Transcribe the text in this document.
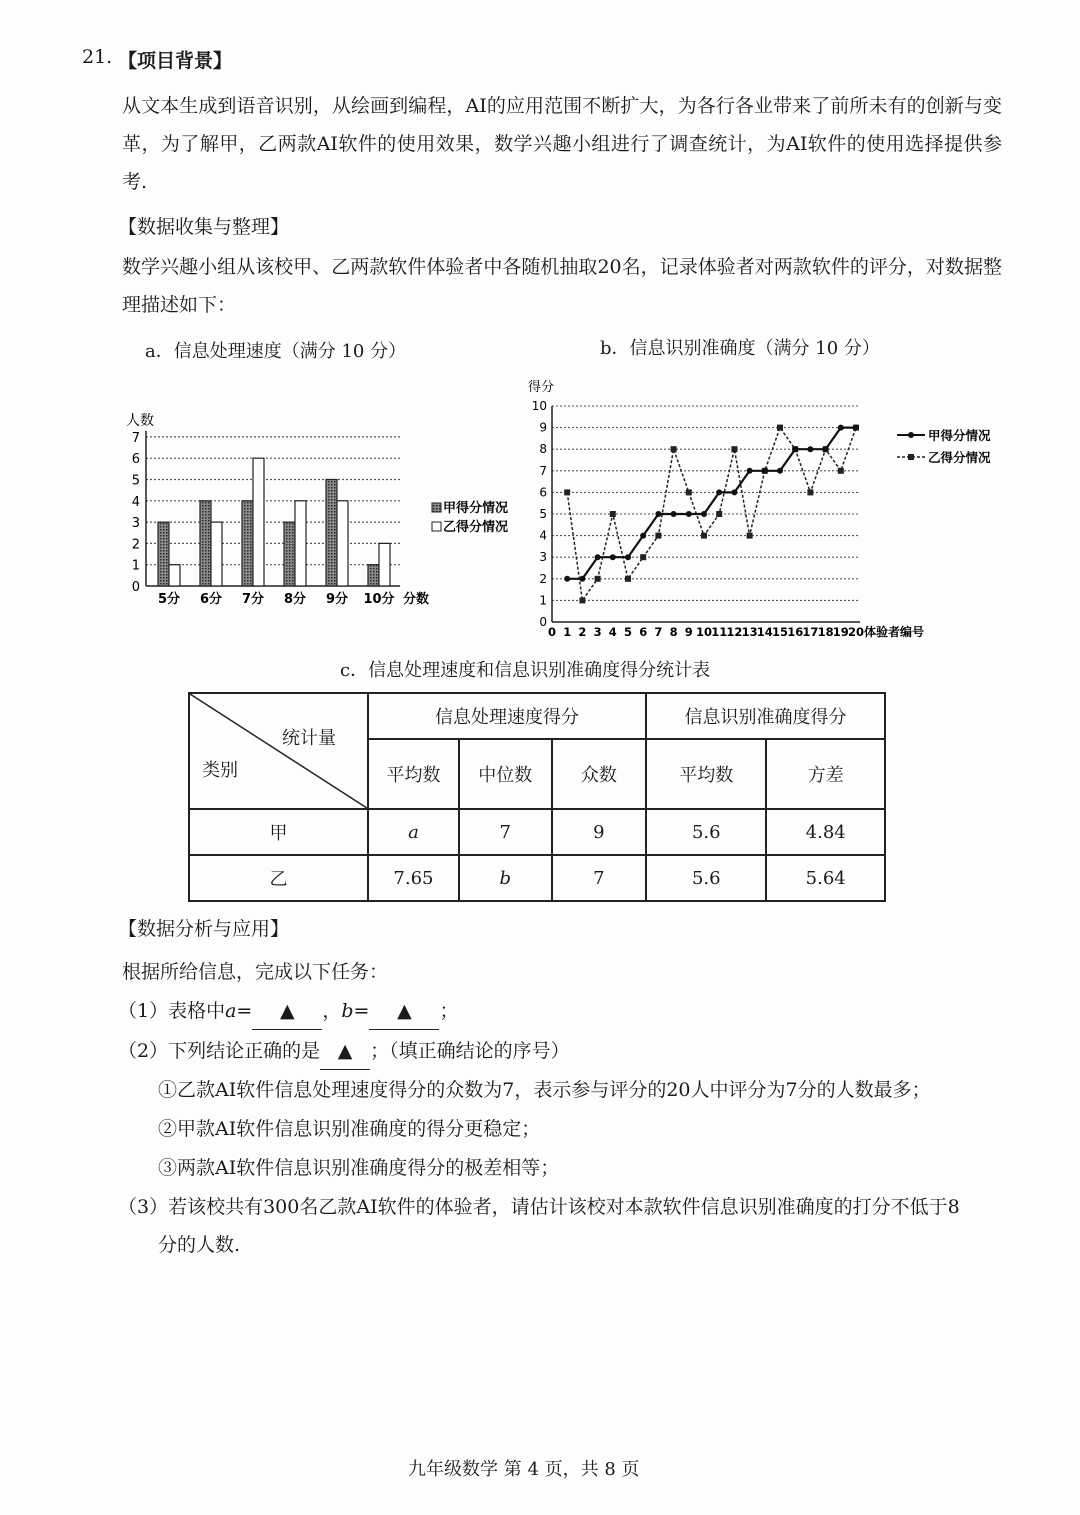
21. 【项目背景】
从文本生成到语音识别，从绘画到编程，AI的应用范围不断扩大，为各行各业带来了前所未有的创新与变革，为了解甲，乙两款AI软件的使用效果，数学兴趣小组进行了调查统计，为AI软件的使用选择提供参考.
【数据收集与整理】
数学兴趣小组从该校甲、乙两款软件体验者中各随机抽取20名，记录体验者对两款软件的评分，对数据整理描述如下：
a．信息处理速度（满分 10 分）	b．信息识别准确度（满分 10 分）
人数
0
1
2
3
4
5
6
7
5分 6分 7分 8分 9分 10分 分数
甲得分情况
乙得分情况
得分
0
1
2
3
4
5
6
7
8
9
10
0 1 2 3 4 5 6 7 8 9 10 11 12 13 14 15 16 17 18 19 20 体验者编号
甲得分情况
乙得分情况
c．信息处理速度和信息识别准确度得分统计表
统计量
类别	信息处理速度得分			信息识别准确度得分	
	平均数	中位数	众数	平均数	方差
甲	a	7	9	5.6	4.84
乙	7.65	b	7	5.6	5.64
【数据分析与应用】
根据所给信息，完成以下任务：
（1）表格中a= ▲ ，b= ▲ ；
（2）下列结论正确的是 ▲ ；（填正确结论的序号）
①乙款AI软件信息处理速度得分的众数为7，表示参与评分的20人中评分为7分的人数最多；
②甲款AI软件信息识别准确度的得分更稳定；
③两款AI软件信息识别准确度得分的极差相等；
（3）若该校共有300名乙款AI软件的体验者，请估计该校对本款软件信息识别准确度的打分不低于8
分的人数.
九年级数学 第 4 页，共 8 页
